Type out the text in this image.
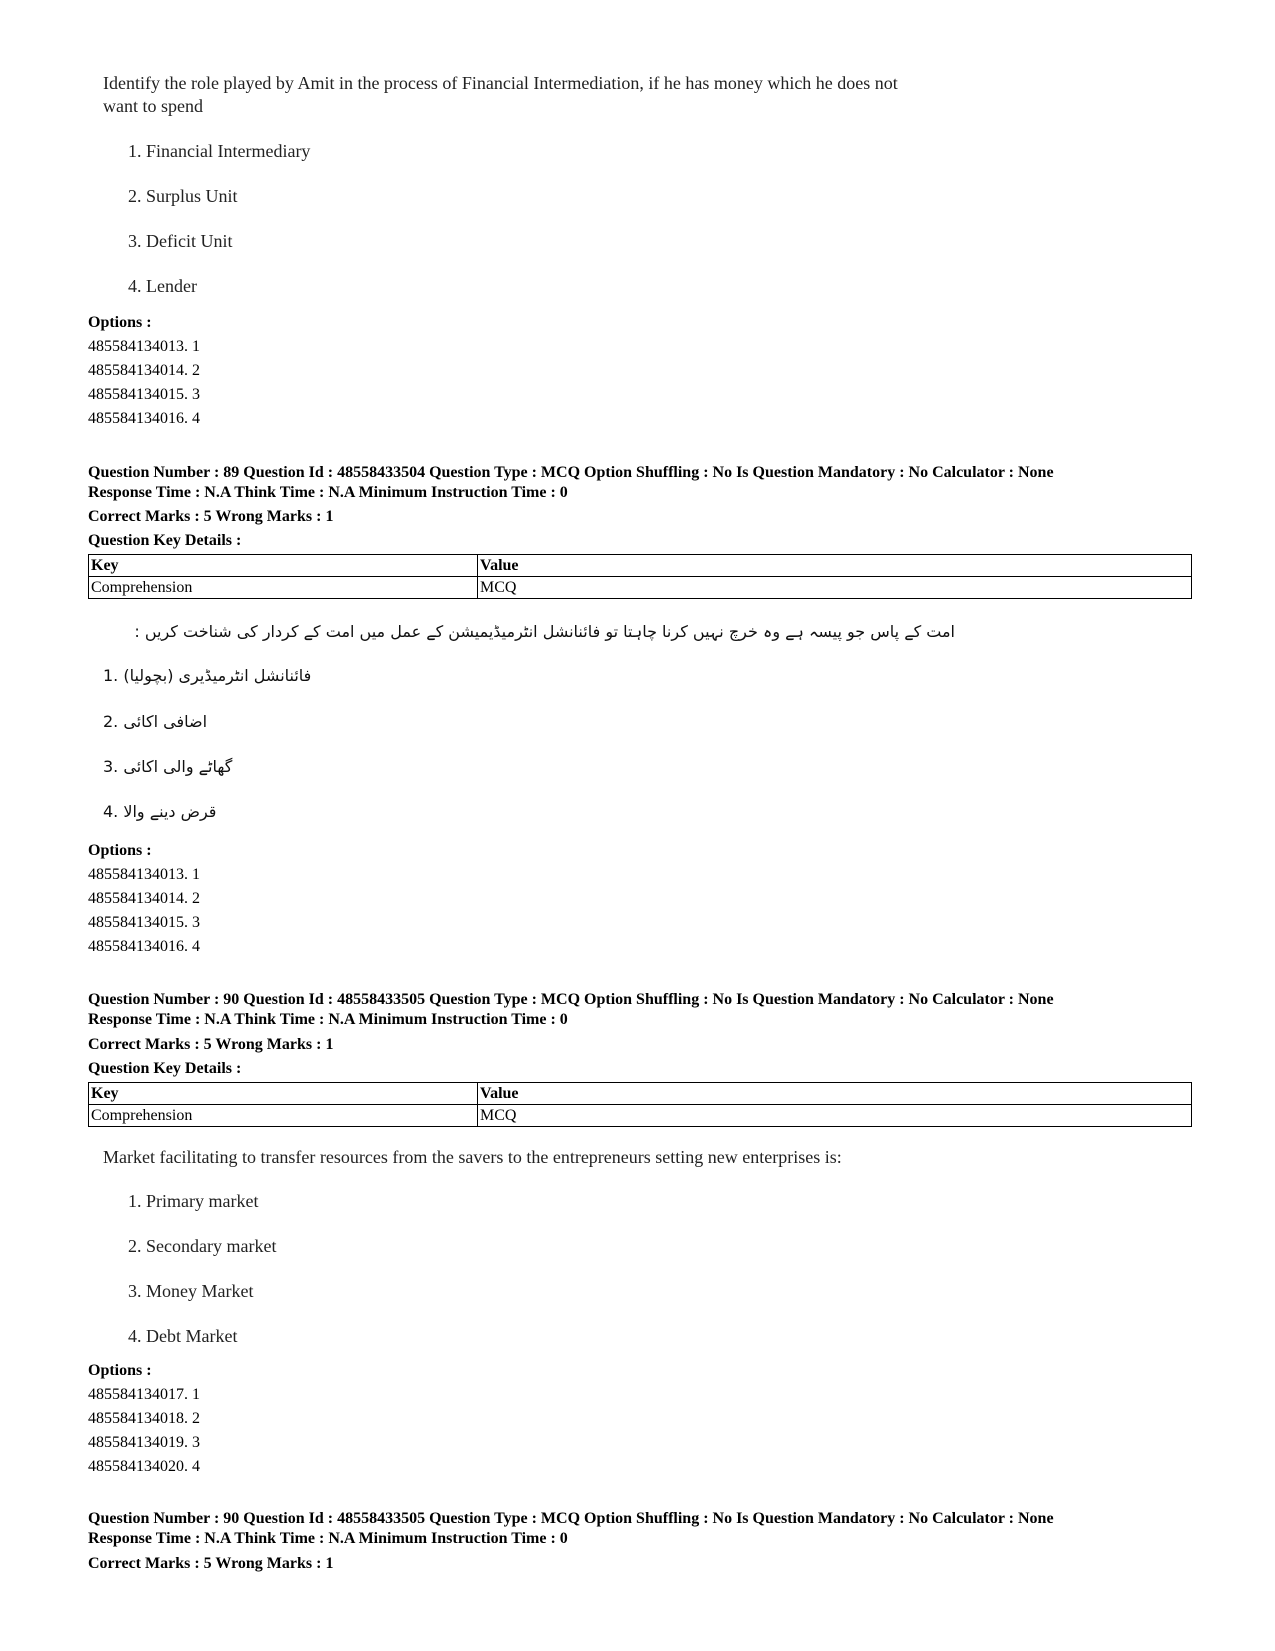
Identify the role played by Amit in the process of Financial Intermediation, if he has money which he does not
want to spend
1. Financial Intermediary
2. Surplus Unit
3. Deficit Unit
4. Lender
Options :
485584134013. 1
485584134014. 2
485584134015. 3
485584134016. 4
Question Number : 89 Question Id : 48558433504 Question Type : MCQ Option Shuffling : No Is Question Mandatory : No Calculator : None
Response Time : N.A Think Time : N.A Minimum Instruction Time : 0
Correct Marks : 5 Wrong Marks : 1
Question Key Details :
Key	Value
Comprehension	MCQ
امت کے پاس جو پیسہ ہے وہ خرچ نہیں کرنا چاہتا تو فائنانشل انٹرمیڈیمیشن کے عمل میں امت کے کردار کی شناخت کریں :
1. فائنانشل انٹرمیڈیری (بچولیا)
2. اضافی اکائی
3. گھاٹے والی اکائی
4. قرض دینے والا
Options :
485584134013. 1
485584134014. 2
485584134015. 3
485584134016. 4
Question Number : 90 Question Id : 48558433505 Question Type : MCQ Option Shuffling : No Is Question Mandatory : No Calculator : None
Response Time : N.A Think Time : N.A Minimum Instruction Time : 0
Correct Marks : 5 Wrong Marks : 1
Question Key Details :
Key	Value
Comprehension	MCQ
Market facilitating to transfer resources from the savers to the entrepreneurs setting new enterprises is:
1. Primary market
2. Secondary market
3. Money Market
4. Debt Market
Options :
485584134017. 1
485584134018. 2
485584134019. 3
485584134020. 4
Question Number : 90 Question Id : 48558433505 Question Type : MCQ Option Shuffling : No Is Question Mandatory : No Calculator : None
Response Time : N.A Think Time : N.A Minimum Instruction Time : 0
Correct Marks : 5 Wrong Marks : 1
